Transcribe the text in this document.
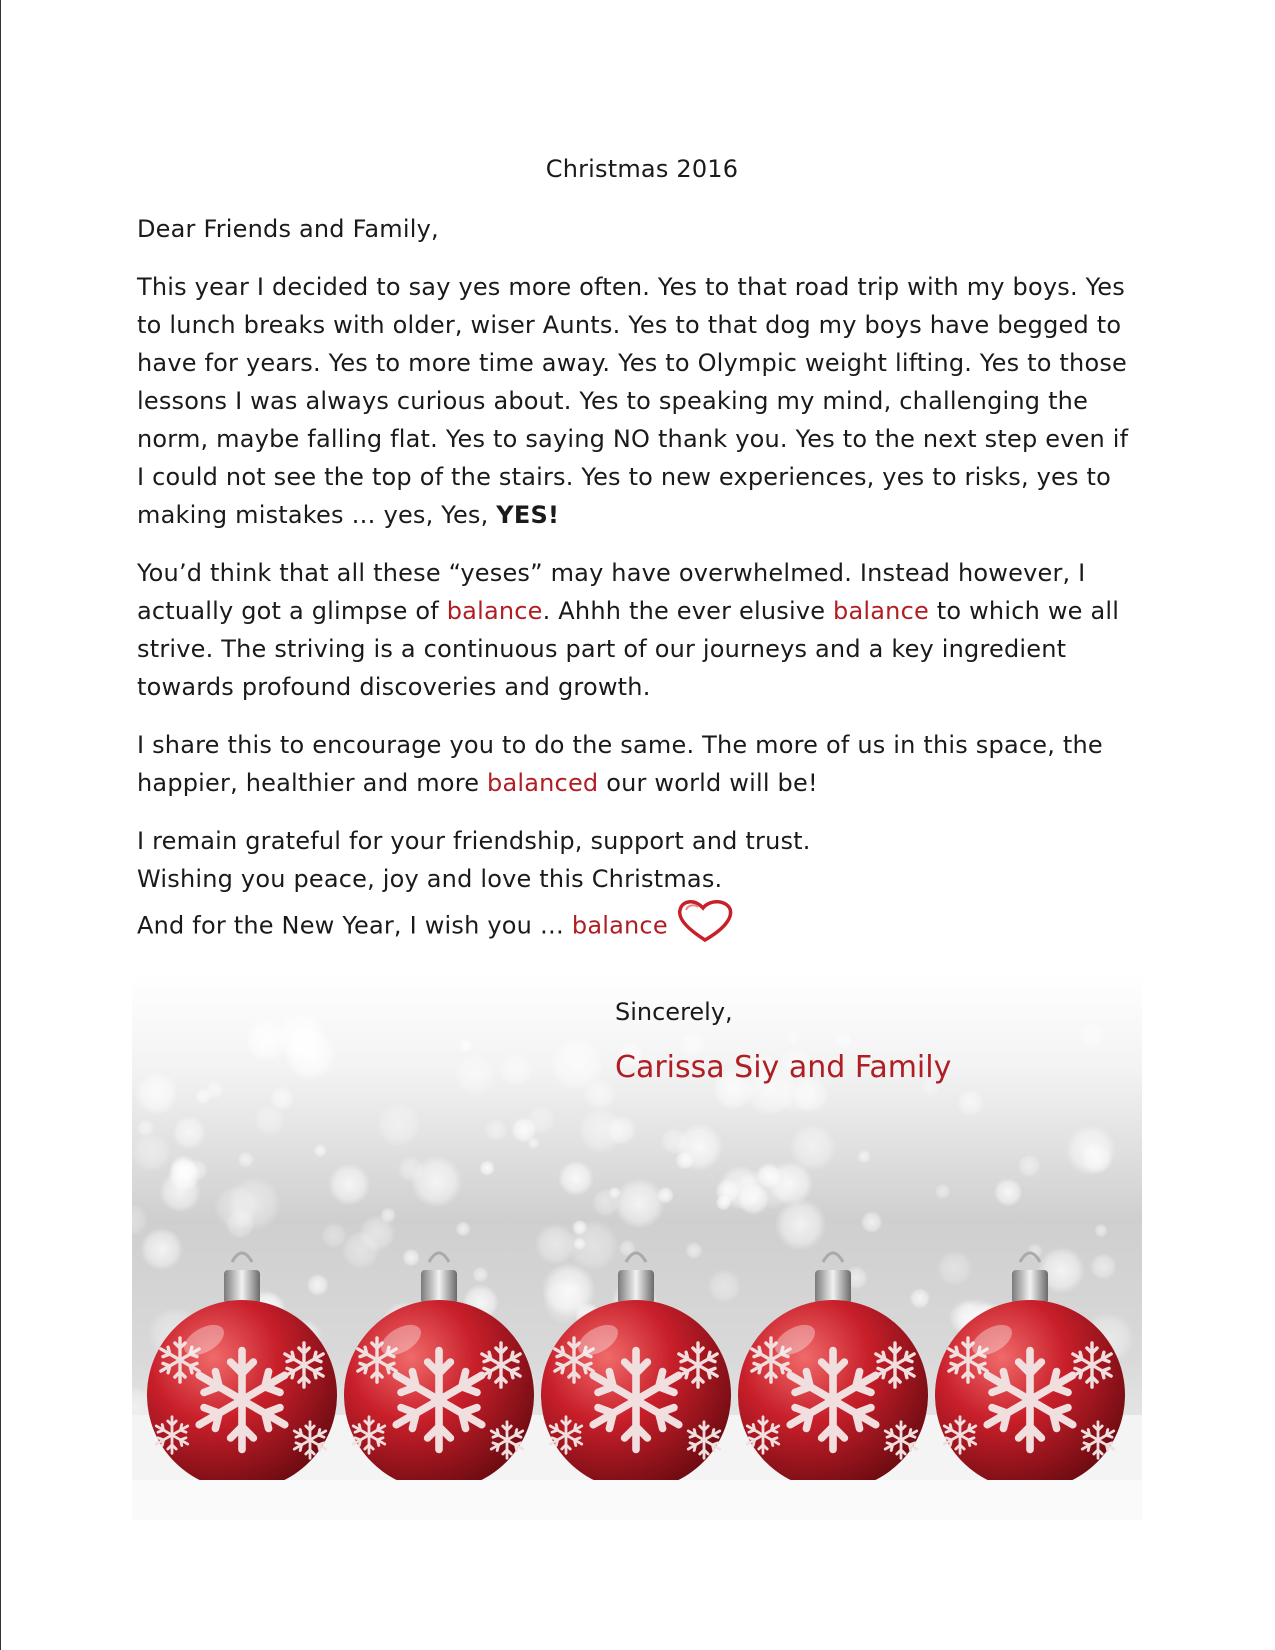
Christmas 2016

Dear Friends and Family,

This year I decided to say yes more often. Yes to that road trip with my boys. Yes to lunch breaks with older, wiser Aunts. Yes to that dog my boys have begged to have for years. Yes to more time away. Yes to Olympic weight lifting. Yes to those lessons I was always curious about. Yes to speaking my mind, challenging the norm, maybe falling flat. Yes to saying NO thank you. Yes to the next step even if I could not see the top of the stairs. Yes to new experiences, yes to risks, yes to making mistakes … yes, Yes, YES!

You’d think that all these “yeses” may have overwhelmed. Instead however, I actually got a glimpse of balance. Ahhh the ever elusive balance to which we all strive. The striving is a continuous part of our journeys and a key ingredient towards profound discoveries and growth.

I share this to encourage you to do the same. The more of us in this space, the happier, healthier and more balanced our world will be!

I remain grateful for your friendship, support and trust.
Wishing you peace, joy and love this Christmas.
And for the New Year, I wish you … balance

Sincerely,
Carissa Siy and Family
